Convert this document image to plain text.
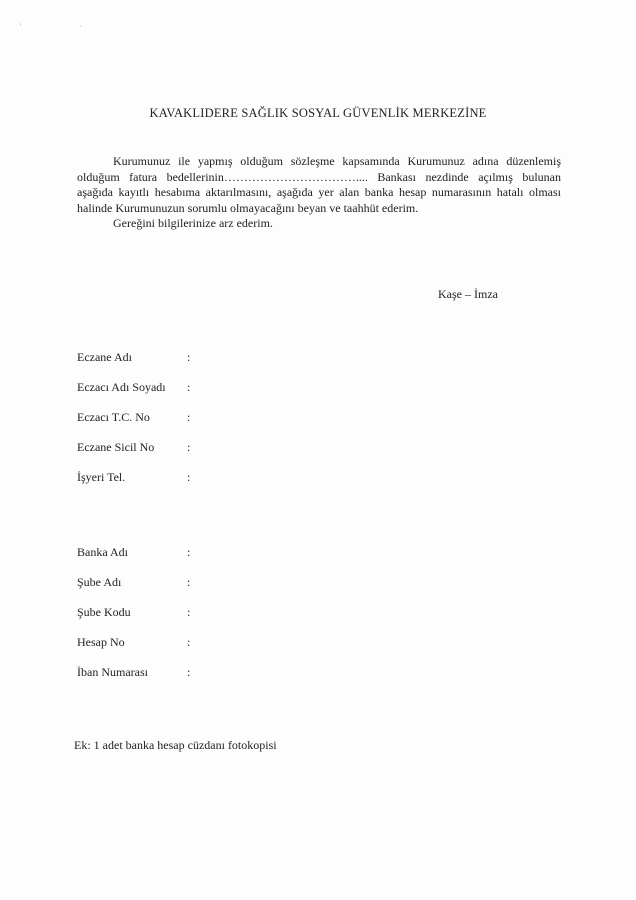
' ·
KAVAKLIDERE SAĞLIK SOSYAL GÜVENLİK MERKEZİNE

Kurumunuz ile yapmış olduğum sözleşme kapsamında Kurumunuz adına düzenlemiş olduğum fatura bedellerinin…………………………….... Bankası nezdinde açılmış bulunan aşağıda kayıtlı hesabıma aktarılmasını, aşağıda yer alan banka hesap numarasının hatalı olması halinde Kurumunuzun sorumlu olmayacağını beyan ve taahhüt ederim.

Gereğini bilgilerinize arz ederim.

Kaşe – İmza
Eczane Adı	:
Eczacı Adı Soyadı :
Eczacı T.C. No	:
Eczane Sicil No	:
İşyeri Tel.	:
Banka Adı	:
Şube Adı	:
Şube Kodu	:
Hesap No	:
İban Numarası	:
Ek: 1 adet banka hesap cüzdanı fotokopisi
